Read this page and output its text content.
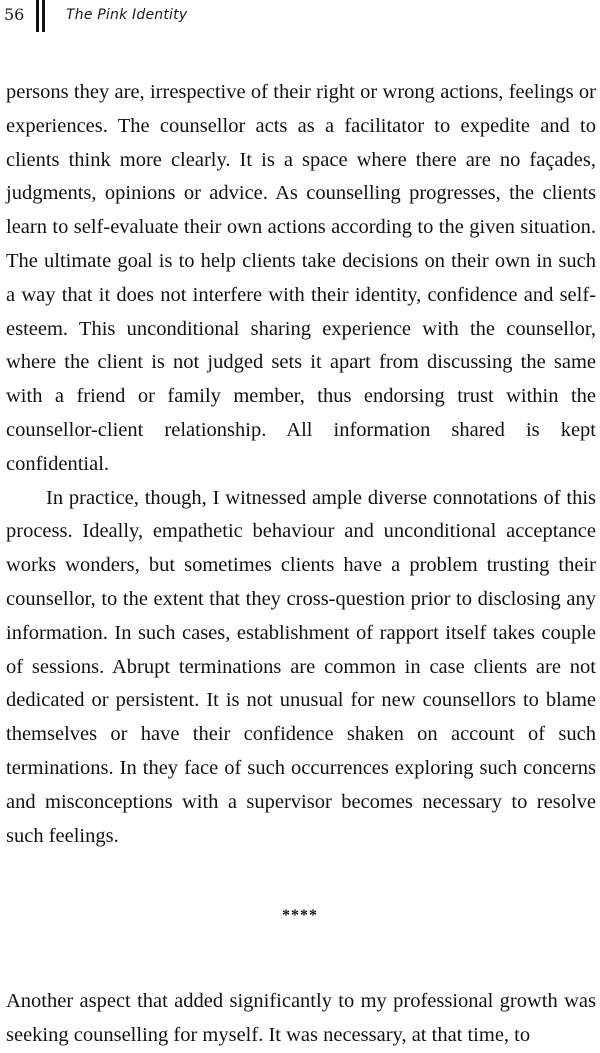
56	The Pink Identity

persons they are, irrespective of their right or wrong actions, feelings or experiences. The counsellor acts as a facilitator to expedite and to clients think more clearly. It is a space where there are no façades, judgments, opinions or advice. As counselling progresses, the clients learn to self-evaluate their own actions according to the given situation. The ultimate goal is to help clients take decisions on their own in such a way that it does not interfere with their identity, confidence and self-esteem. This unconditional sharing experience with the counsellor, where the client is not judged sets it apart from discussing the same with a friend or family member, thus endorsing trust within the counsellor-client relationship. All information shared is kept confidential.

In practice, though, I witnessed ample diverse connotations of this process. Ideally, empathetic behaviour and unconditional acceptance works wonders, but sometimes clients have a problem trusting their counsellor, to the extent that they cross-question prior to disclosing any information. In such cases, establishment of rapport itself takes couple of sessions. Abrupt terminations are common in case clients are not dedicated or persistent. It is not unusual for new counsellors to blame themselves or have their confidence shaken on account of such terminations. In they face of such occurrences exploring such concerns and misconceptions with a supervisor becomes necessary to resolve such feelings.

****

Another aspect that added significantly to my professional growth was seeking counselling for myself. It was necessary, at that time, to
